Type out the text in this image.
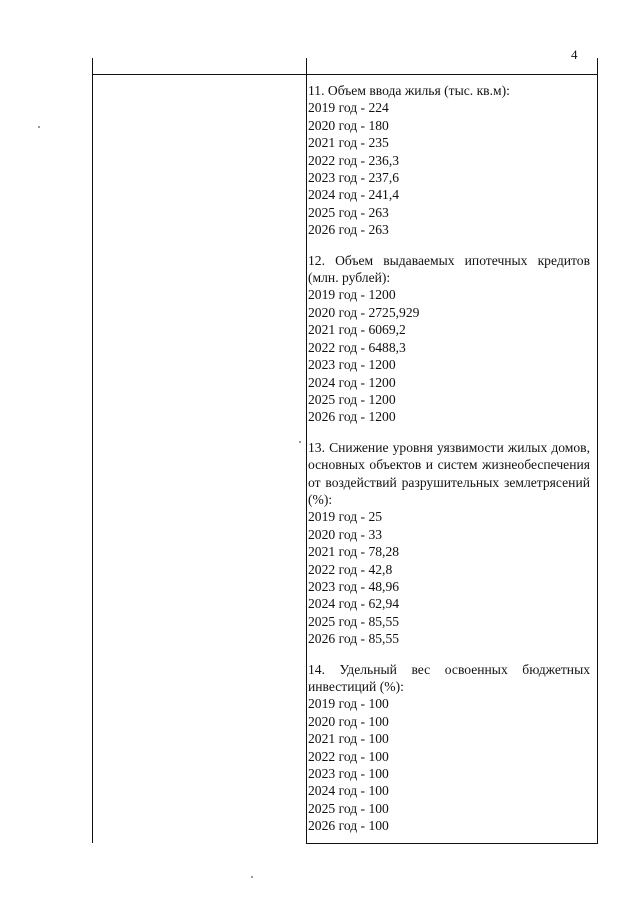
4

11. Объем ввода жилья (тыс. кв.м):

2019 год - 224
2020 год - 180
2021 год - 235
2022 год - 236,3
2023 год - 237,6
2024 год - 241,4
2025 год - 263
2026 год - 263

12. Объем выдаваемых ипотечных кредитов (млн. рублей):

2019 год - 1200
2020 год - 2725,929
2021 год - 6069,2
2022 год - 6488,3
2023 год - 1200
2024 год - 1200
2025 год - 1200
2026 год - 1200

13. Снижение уровня уязвимости жилых домов, основных объектов и систем жизнеобеспечения от воздействий разрушительных землетрясений (%):

2019 год - 25
2020 год - 33
2021 год - 78,28
2022 год - 42,8
2023 год - 48,96
2024 год - 62,94
2025 год - 85,55
2026 год - 85,55

14. Удельный вес освоенных бюджетных инвестиций (%):

2019 год - 100
2020 год - 100
2021 год - 100
2022 год - 100
2023 год - 100
2024 год - 100
2025 год - 100
2026 год - 100
